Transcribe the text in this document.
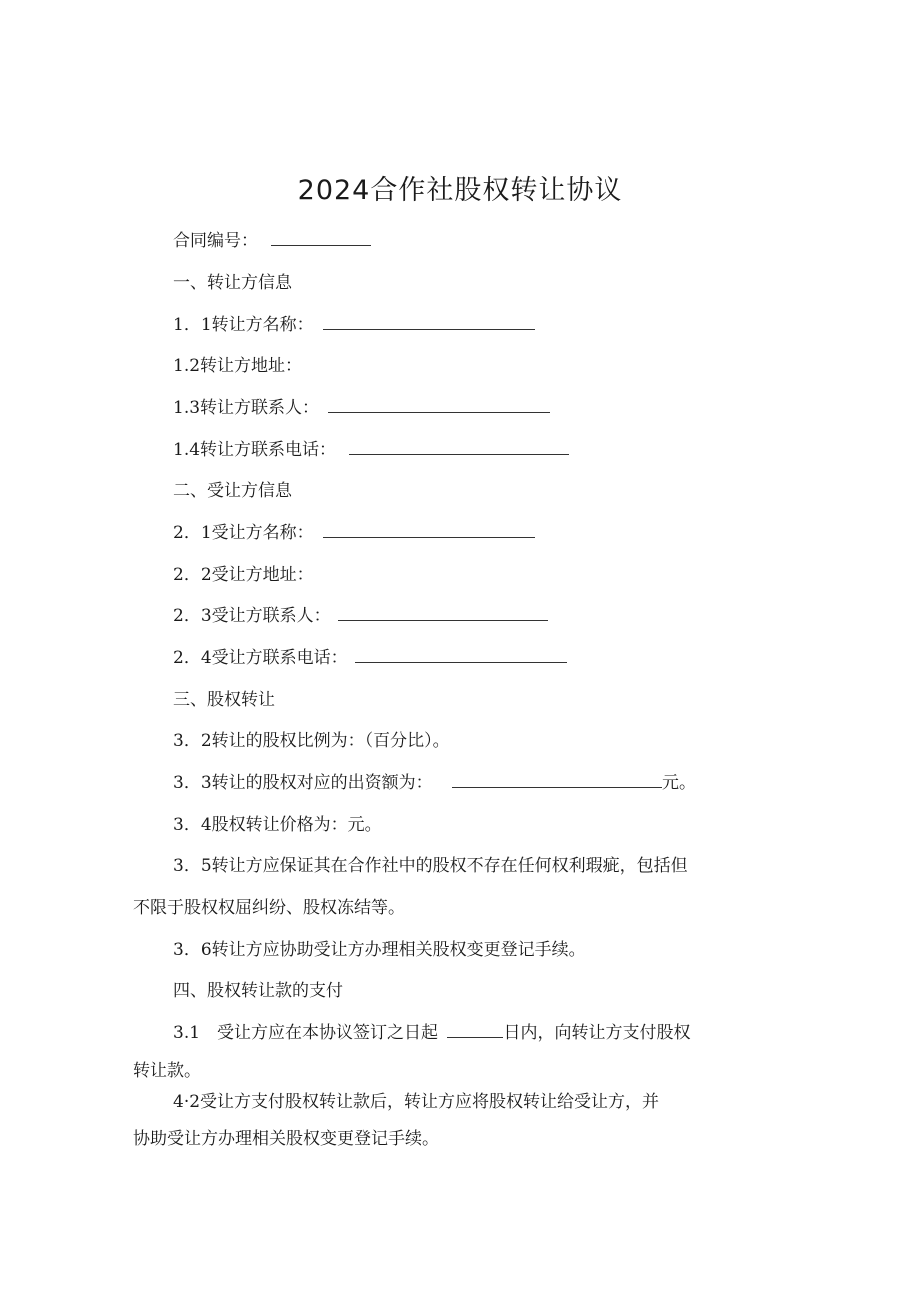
2024合作社股权转让协议
合同编号：
一、转让方信息
1．1转让方名称：
1.2转让方地址：
1.3转让方联系人：
1.4转让方联系电话：
二、受让方信息
2．1受让方名称：
2．2受让方地址：
2．3受让方联系人：
2．4受让方联系电话：
三、股权转让
3．2转让的股权比例为：（百分比）。
3．3转让的股权对应的出资额为：	元。
3．4股权转让价格为：元。
3．5转让方应保证其在合作社中的股权不存在任何权利瑕疵，包括但
不限于股权权屈纠纷、股权冻结等。
3．6转让方应协助受让方办理相关股权变更登记手续。
四、股权转让款的支付
3.1　受让方应在本协议签订之日起	日内，向转让方支付股权
转让款。
4·2受让方支付股权转让款后，转让方应将股权转让给受让方，并
协助受让方办理相关股权变更登记手续。
